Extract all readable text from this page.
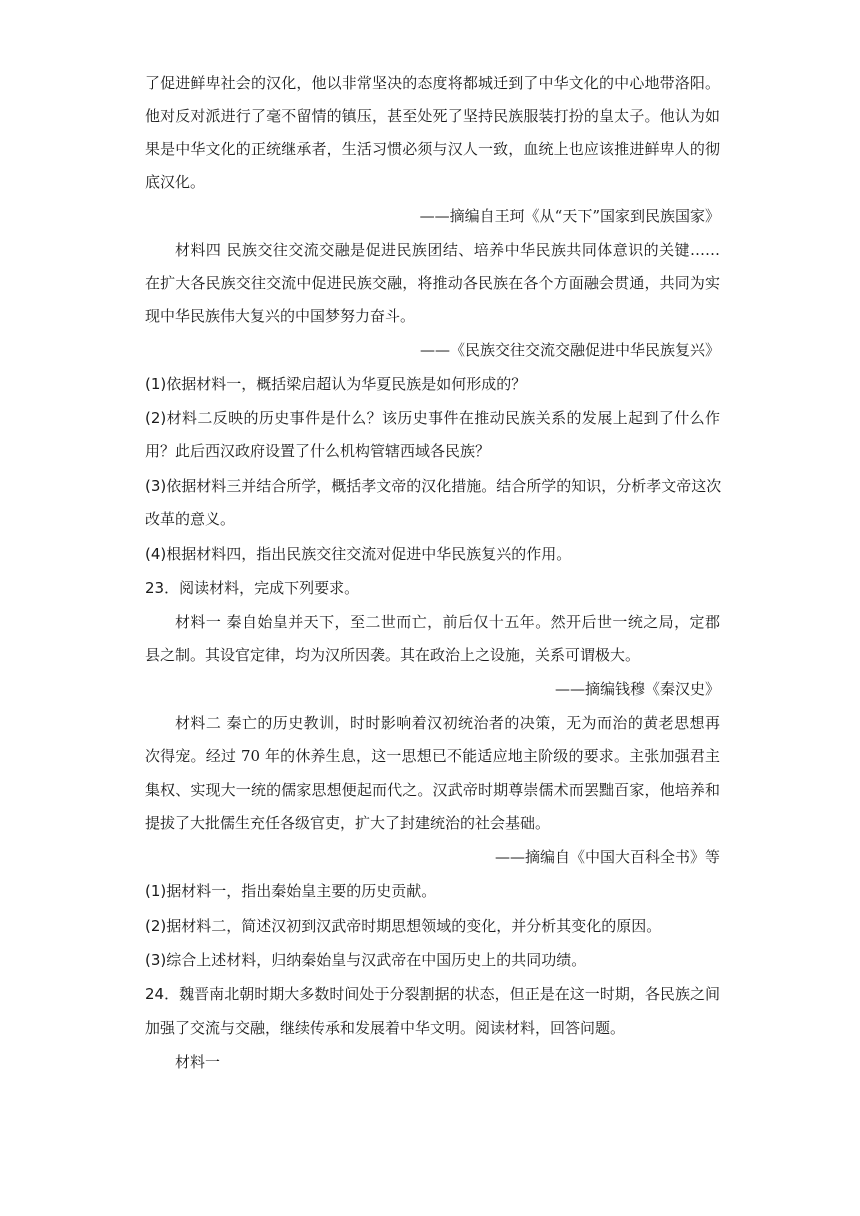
了促进鲜卑社会的汉化，他以非常坚决的态度将都城迁到了中华文化的中心地带洛阳。
他对反对派进行了毫不留情的镇压，甚至处死了坚持民族服装打扮的皇太子。他认为如
果是中华文化的正统继承者，生活习惯必须与汉人一致，血统上也应该推进鲜卑人的彻
底汉化。
——摘编自王珂《从“天下”国家到民族国家》
材料四 民族交往交流交融是促进民族团结、培养中华民族共同体意识的关键……
在扩大各民族交往交流中促进民族交融，将推动各民族在各个方面融会贯通，共同为实
现中华民族伟大复兴的中国梦努力奋斗。
——《民族交往交流交融促进中华民族复兴》
(1)依据材料一，概括梁启超认为华夏民族是如何形成的？
(2)材料二反映的历史事件是什么？该历史事件在推动民族关系的发展上起到了什么作
用？此后西汉政府设置了什么机构管辖西域各民族？
(3)依据材料三并结合所学，概括孝文帝的汉化措施。结合所学的知识，分析孝文帝这次
改革的意义。
(4)根据材料四，指出民族交往交流对促进中华民族复兴的作用。
23．阅读材料，完成下列要求。
材料一 秦自始皇并天下，至二世而亡，前后仅十五年。然开后世一统之局，定郡
县之制。其设官定律，均为汉所因袭。其在政治上之设施，关系可谓极大。
——摘编钱穆《秦汉史》
材料二 秦亡的历史教训，时时影响着汉初统治者的决策，无为而治的黄老思想再
次得宠。经过 70 年的休养生息，这一思想已不能适应地主阶级的要求。主张加强君主
集权、实现大一统的儒家思想便起而代之。汉武帝时期尊崇儒术而罢黜百家，他培养和
提拔了大批儒生充任各级官吏，扩大了封建统治的社会基础。
——摘编自《中国大百科全书》等
(1)据材料一，指出秦始皇主要的历史贡献。
(2)据材料二，简述汉初到汉武帝时期思想领域的变化，并分析其变化的原因。
(3)综合上述材料，归纳秦始皇与汉武帝在中国历史上的共同功绩。
24．魏晋南北朝时期大多数时间处于分裂割据的状态，但正是在这一时期，各民族之间
加强了交流与交融，继续传承和发展着中华文明。阅读材料，回答问题。
材料一
